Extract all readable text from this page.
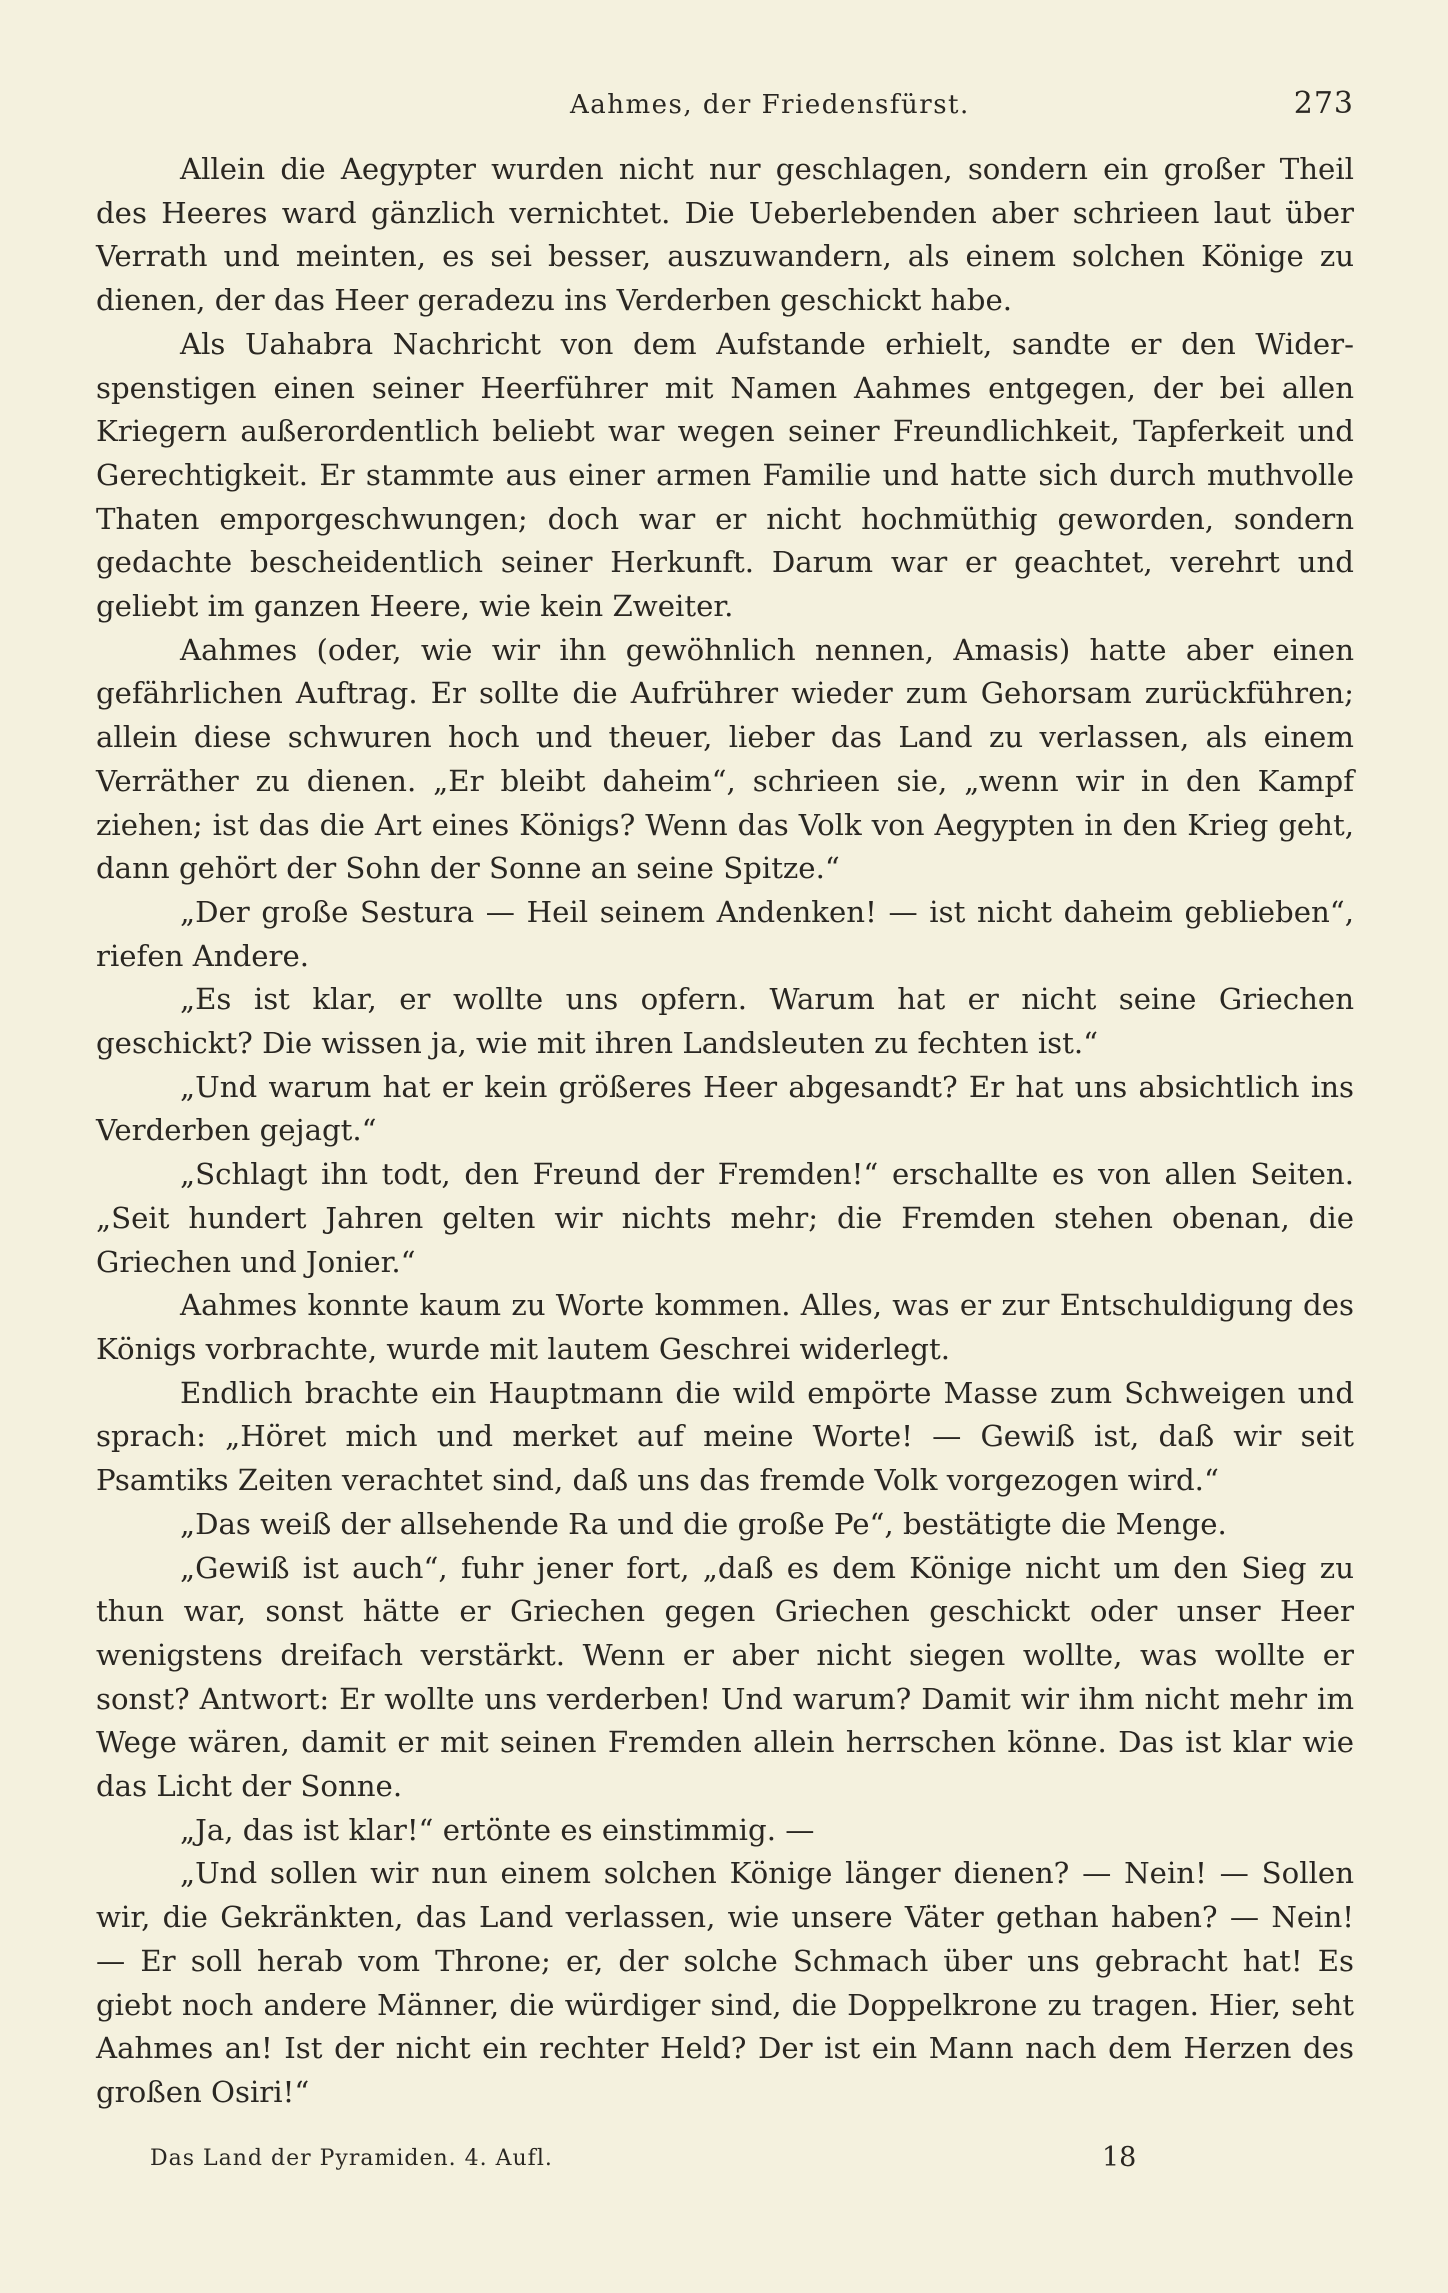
Aahmes, der Friedensfürst.	273

Allein die Aegypter wurden nicht nur geschlagen, sondern ein großer Theil des Heeres ward gänzlich vernichtet. Die Ueberlebenden aber schrieen laut über Verrath und meinten, es sei besser, auszuwandern, als einem solchen Könige zu dienen, der das Heer geradezu ins Verderben geschickt habe.

Als Uahabra Nachricht von dem Aufstande erhielt, sandte er den Widerspenstigen einen seiner Heerführer mit Namen Aahmes entgegen, der bei allen Kriegern außerordentlich beliebt war wegen seiner Freundlichkeit, Tapferkeit und Gerechtigkeit. Er stammte aus einer armen Familie und hatte sich durch muthvolle Thaten emporgeschwungen; doch war er nicht hochmüthig geworden, sondern gedachte bescheidentlich seiner Herkunft. Darum war er geachtet, verehrt und geliebt im ganzen Heere, wie kein Zweiter.

Aahmes (oder, wie wir ihn gewöhnlich nennen, Amasis) hatte aber einen gefährlichen Auftrag. Er sollte die Aufrührer wieder zum Gehorsam zurückführen; allein diese schwuren hoch und theuer, lieber das Land zu verlassen, als einem Verräther zu dienen. „Er bleibt daheim“, schrieen sie, „wenn wir in den Kampf ziehen; ist das die Art eines Königs? Wenn das Volk von Aegypten in den Krieg geht, dann gehört der Sohn der Sonne an seine Spitze.“

„Der große Sesturа — Heil seinem Andenken! — ist nicht daheim geblieben“, riefen Andere.

„Es ist klar, er wollte uns opfern. Warum hat er nicht seine Griechen geschickt? Die wissen ja, wie mit ihren Landsleuten zu fechten ist.“

„Und warum hat er kein größeres Heer abgesandt? Er hat uns absichtlich ins Verderben gejagt.“

„Schlagt ihn todt, den Freund der Fremden!“ erschallte es von allen Seiten. „Seit hundert Jahren gelten wir nichts mehr; die Fremden stehen obenan, die Griechen und Jonier.“

Aahmes konnte kaum zu Worte kommen. Alles, was er zur Entschuldigung des Königs vorbrachte, wurde mit lautem Geschrei widerlegt.

Endlich brachte ein Hauptmann die wild empörte Masse zum Schweigen und sprach: „Höret mich und merket auf meine Worte! — Gewiß ist, daß wir seit Psamtiks Zeiten verachtet sind, daß uns das fremde Volk vorgezogen wird.“

„Das weiß der allsehende Ra und die große Pe“, bestätigte die Menge.

„Gewiß ist auch“, fuhr jener fort, „daß es dem Könige nicht um den Sieg zu thun war, sonst hätte er Griechen gegen Griechen geschickt oder unser Heer wenigstens dreifach verstärkt. Wenn er aber nicht siegen wollte, was wollte er sonst? Antwort: Er wollte uns verderben! Und warum? Damit wir ihm nicht mehr im Wege wären, damit er mit seinen Fremden allein herrschen könne. Das ist klar wie das Licht der Sonne.

„Ja, das ist klar!“ ertönte es einstimmig. —

„Und sollen wir nun einem solchen Könige länger dienen? — Nein! — Sollen wir, die Gekränkten, das Land verlassen, wie unsere Väter gethan haben? — Nein! — Er soll herab vom Throne; er, der solche Schmach über uns gebracht hat! Es giebt noch andere Männer, die würdiger sind, die Doppelkrone zu tragen. Hier, seht Aahmes an! Ist der nicht ein rechter Held? Der ist ein Mann nach dem Herzen des großen Osiri!“

Das Land der Pyramiden. 4. Aufl.	18
